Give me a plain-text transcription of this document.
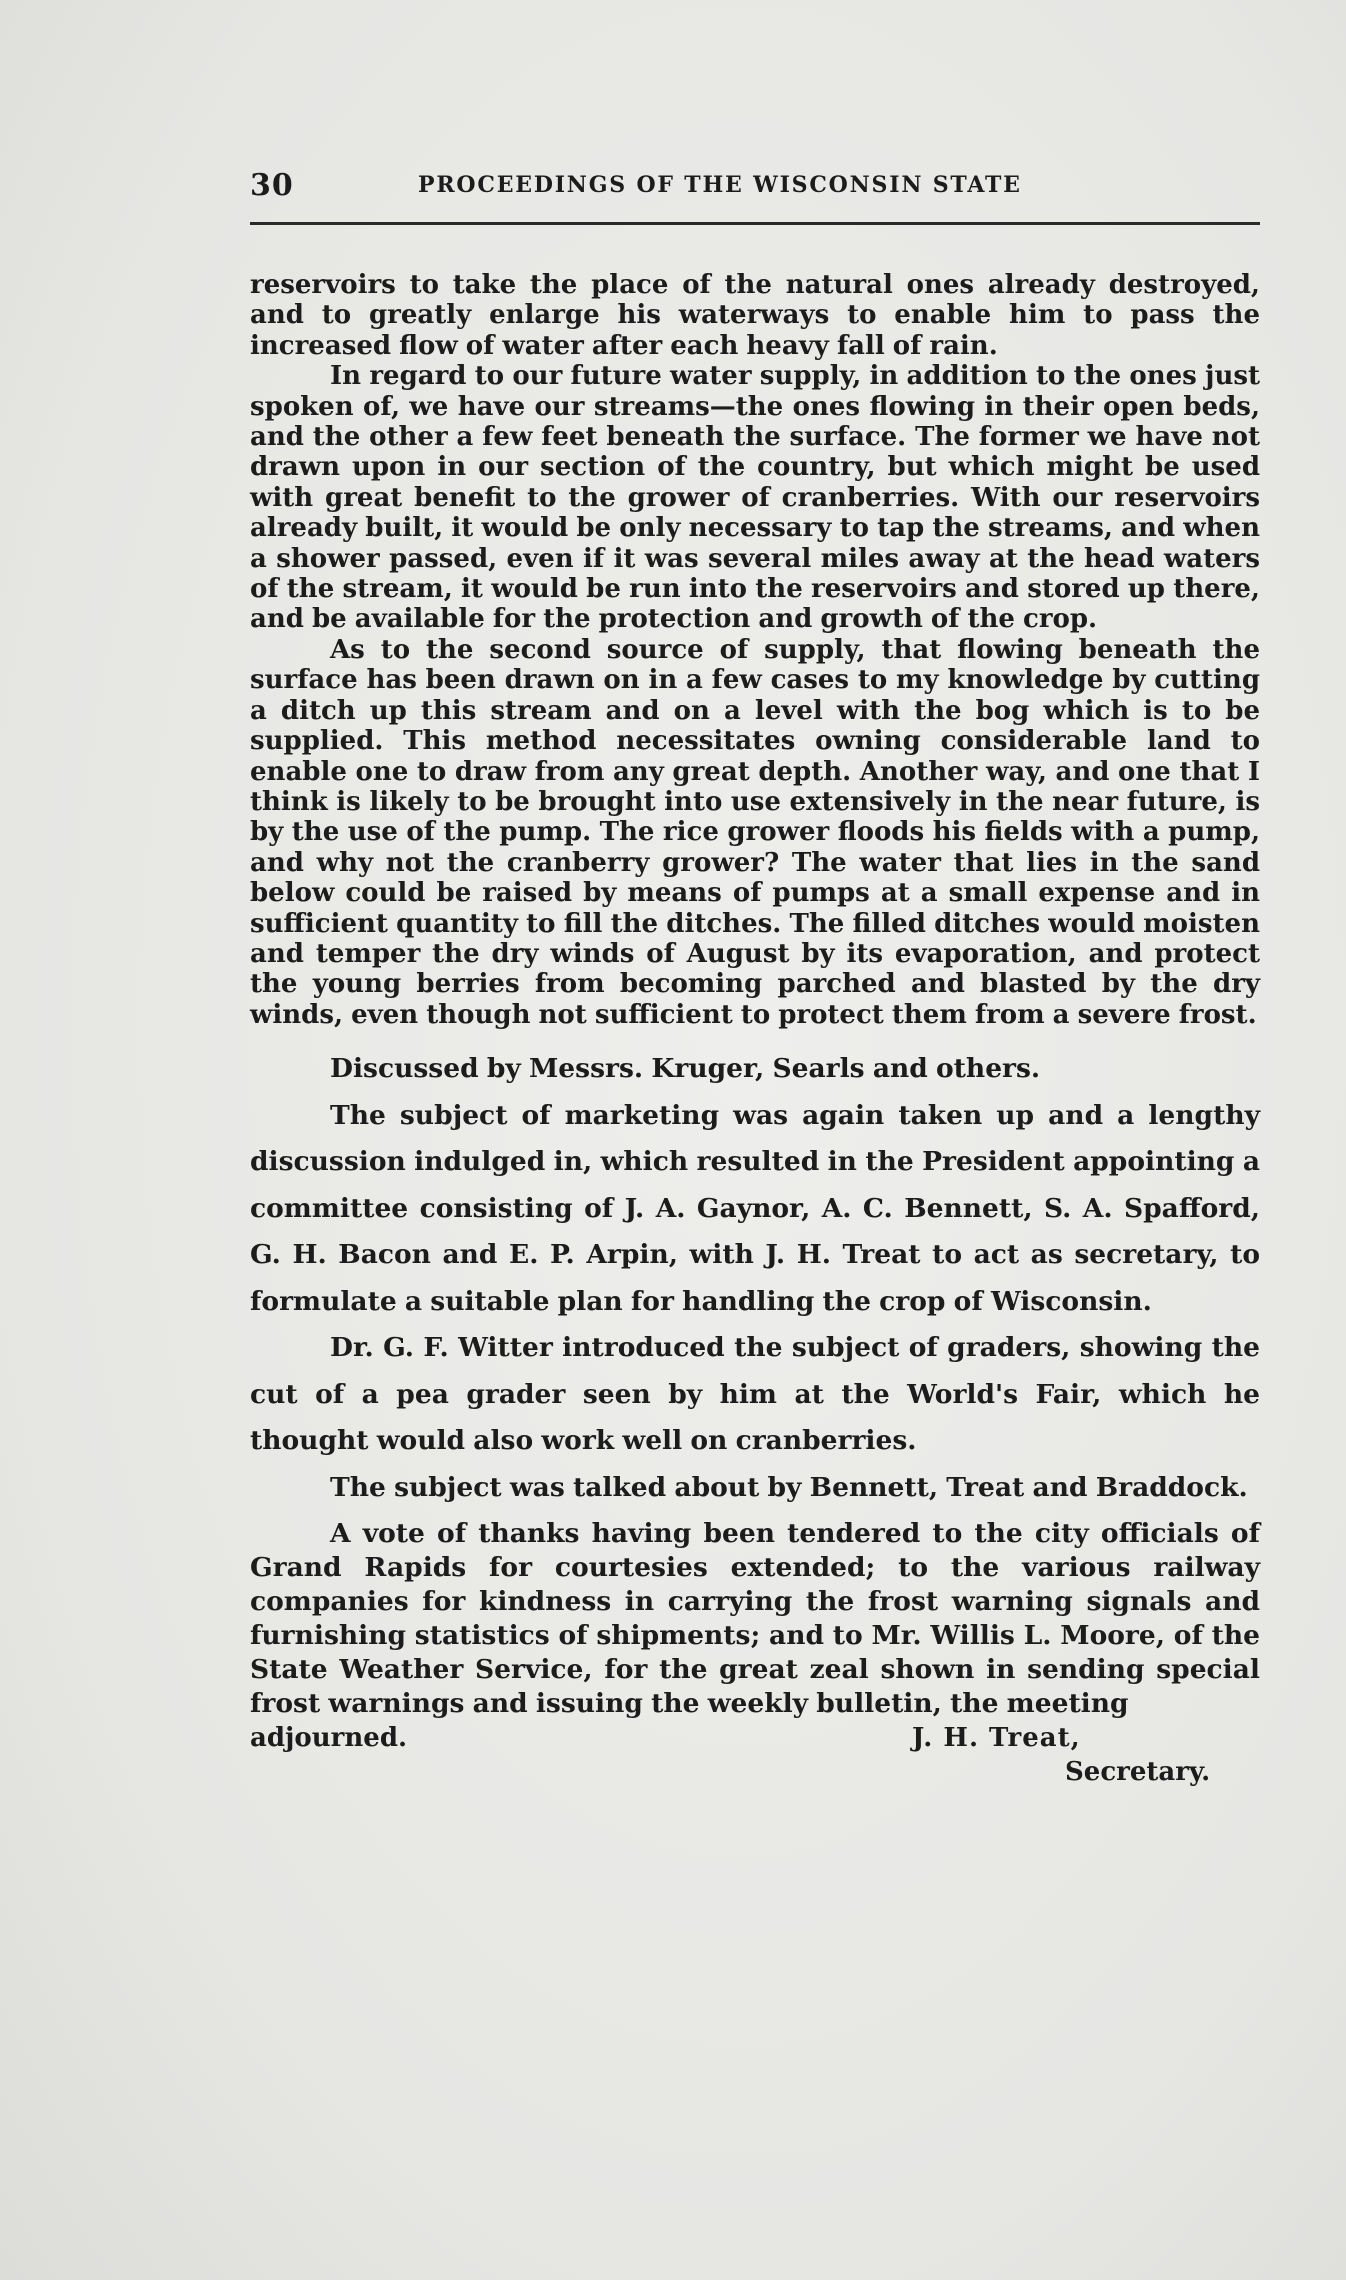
30	PROCEEDINGS OF THE WISCONSIN STATE

reservoirs to take the place of the natural ones already destroyed, and to greatly enlarge his waterways to enable him to pass the increased flow of water after each heavy fall of rain.

In regard to our future water supply, in addition to the ones just spoken of, we have our streams—the ones flowing in their open beds, and the other a few feet beneath the surface. The former we have not drawn upon in our section of the country, but which might be used with great benefit to the grower of cranberries. With our reservoirs already built, it would be only necessary to tap the streams, and when a shower passed, even if it was several miles away at the head waters of the stream, it would be run into the reservoirs and stored up there, and be available for the protection and growth of the crop.

As to the second source of supply, that flowing beneath the surface has been drawn on in a few cases to my knowledge by cutting a ditch up this stream and on a level with the bog which is to be supplied. This method necessitates owning considerable land to enable one to draw from any great depth. Another way, and one that I think is likely to be brought into use extensively in the near future, is by the use of the pump. The rice grower floods his fields with a pump, and why not the cranberry grower? The water that lies in the sand below could be raised by means of pumps at a small expense and in sufficient quantity to fill the ditches. The filled ditches would moisten and temper the dry winds of August by its evaporation, and protect the young berries from becoming parched and blasted by the dry winds, even though not sufficient to protect them from a severe frost.

Discussed by Messrs. Kruger, Searls and others.

The subject of marketing was again taken up and a lengthy discussion indulged in, which resulted in the President appointing a committee consisting of J. A. Gaynor, A. C. Bennett, S. A. Spafford, G. H. Bacon and E. P. Arpin, with J. H. Treat to act as secretary, to formulate a suitable plan for handling the crop of Wisconsin.

Dr. G. F. Witter introduced the subject of graders, showing the cut of a pea grader seen by him at the World's Fair, which he thought would also work well on cranberries.

The subject was talked about by Bennett, Treat and Braddock.

A vote of thanks having been tendered to the city officials of Grand Rapids for courtesies extended; to the various railway companies for kindness in carrying the frost warning signals and furnishing statistics of shipments; and to Mr. Willis L. Moore, of the State Weather Service, for the great zeal shown in sending special frost warnings and issuing the weekly bulletin, the meeting

adjourned.	J. H. Treat,
Secretary.
